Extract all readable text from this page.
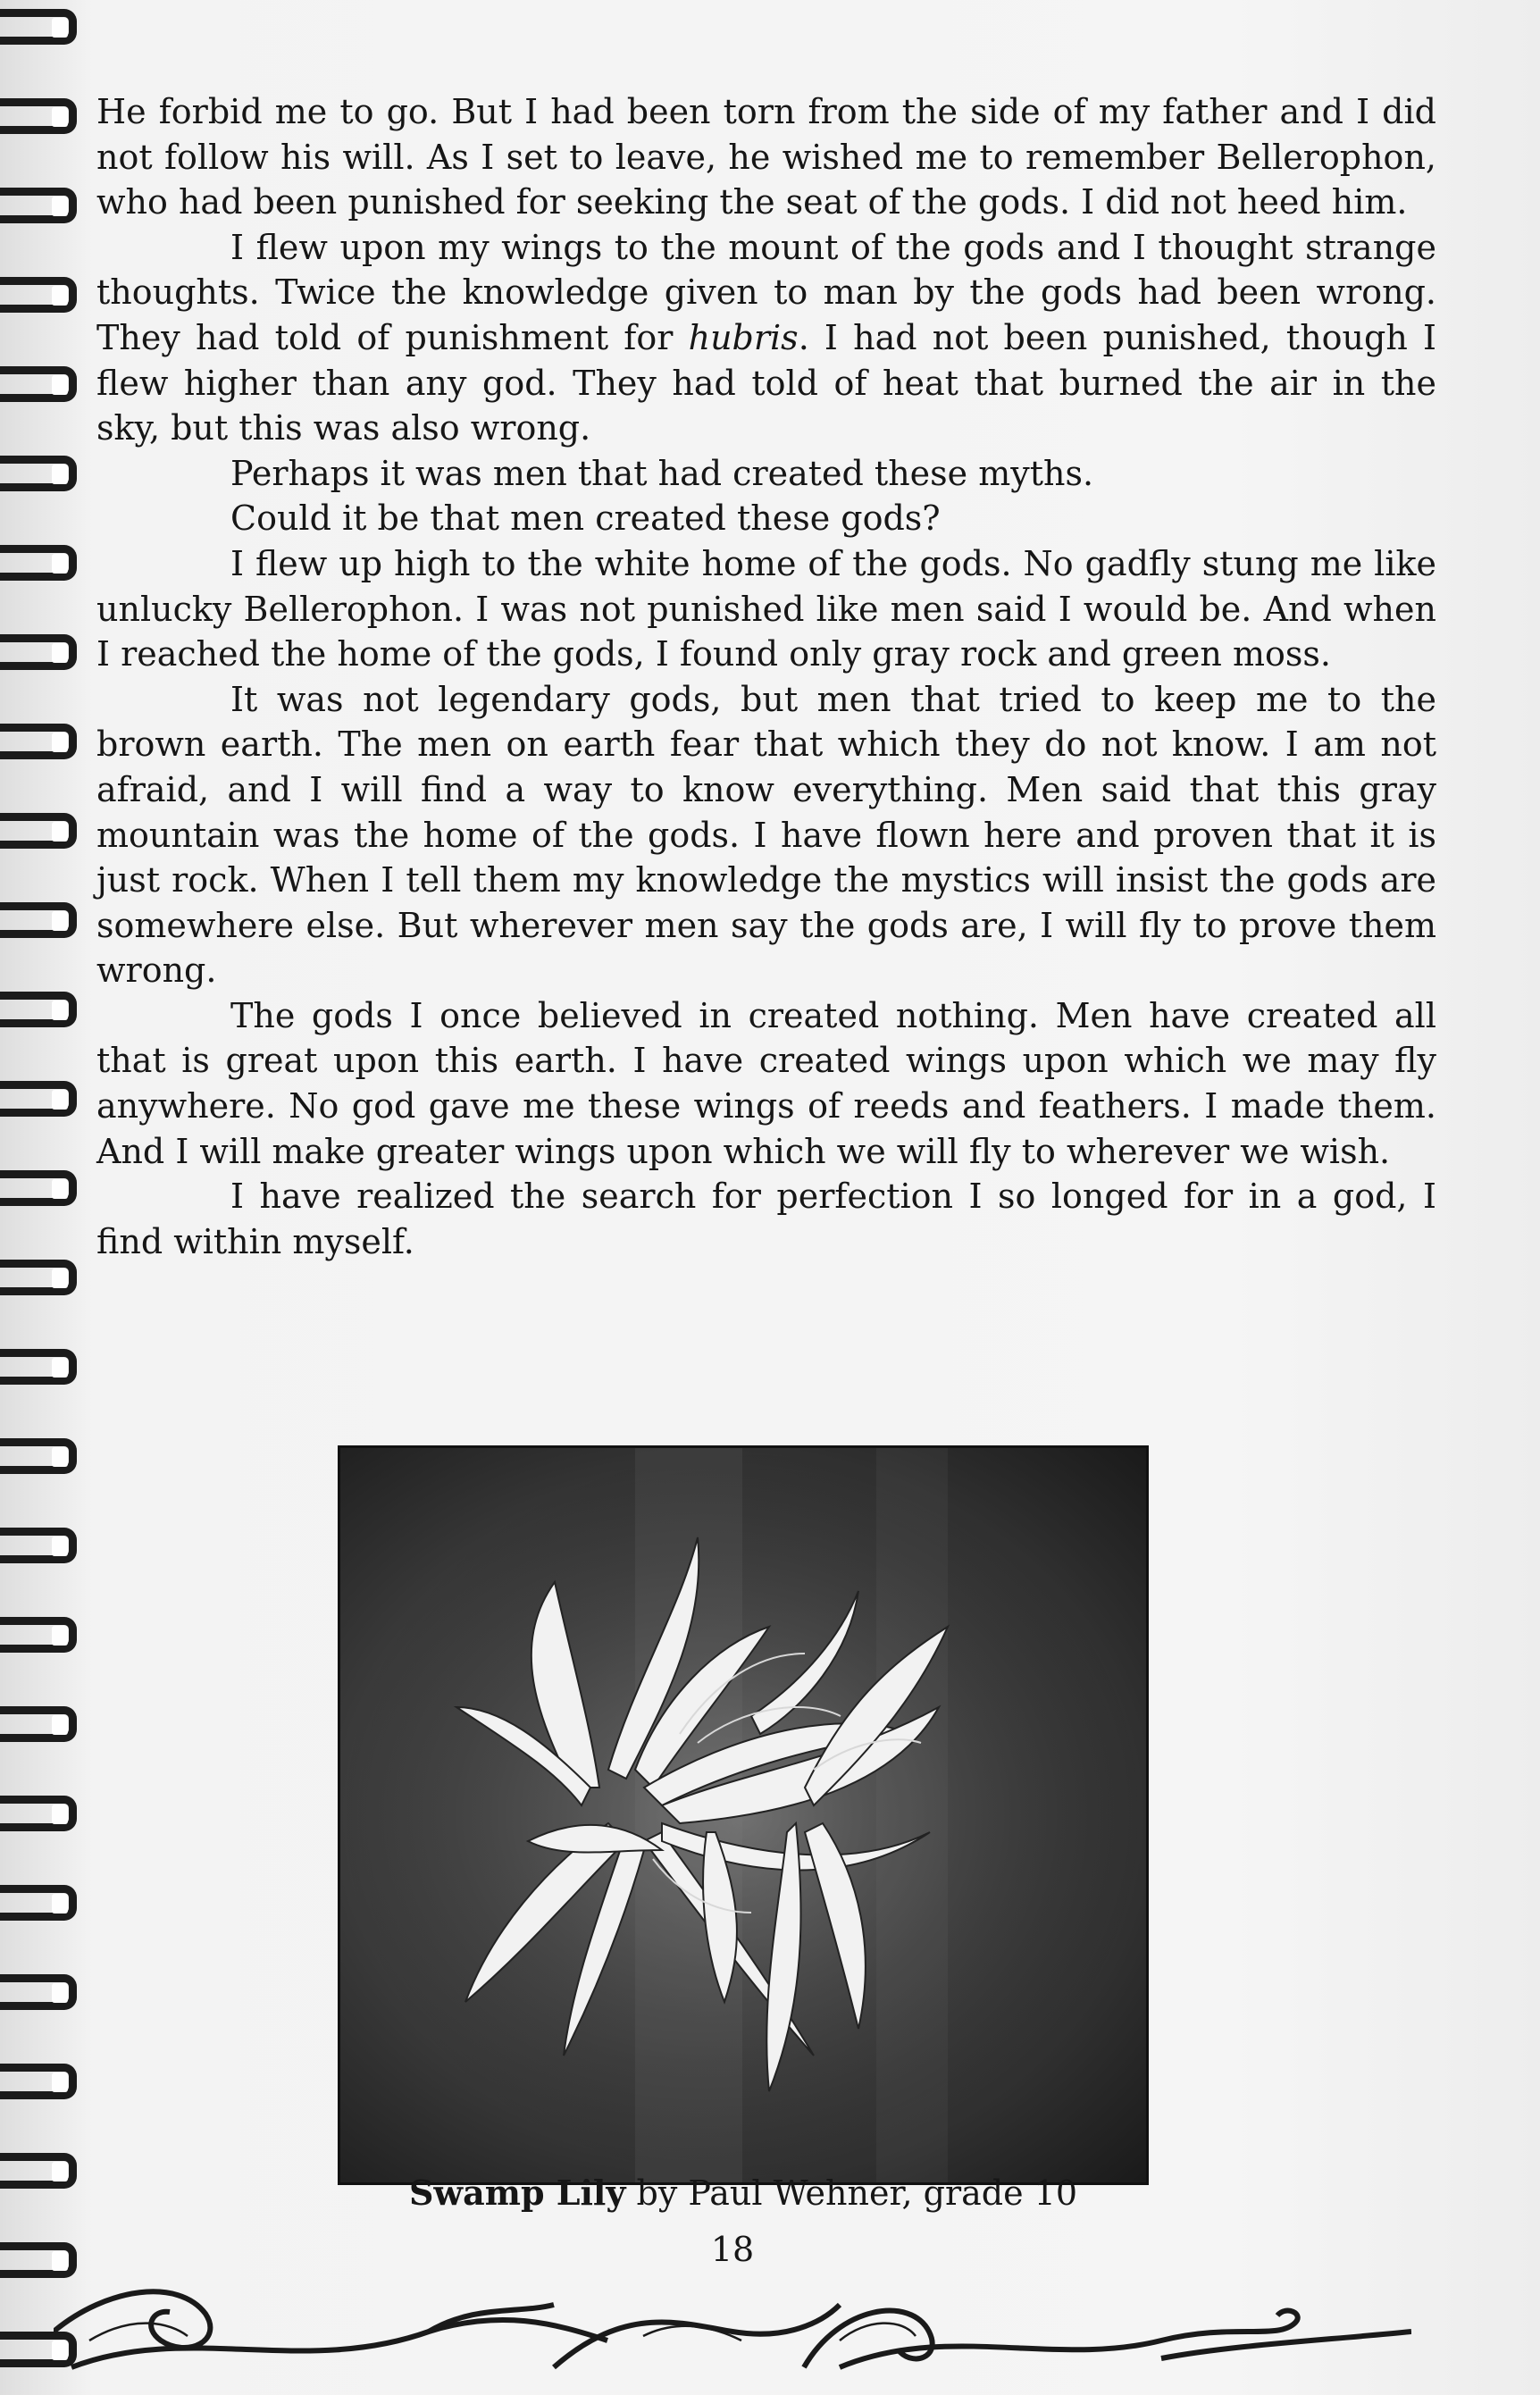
He forbid me to go. But I had been torn from the side of my father and I did not follow his will. As I set to leave, he wished me to remember Bellerophon, who had been punished for seeking the seat of the gods. I did not heed him.

I flew upon my wings to the mount of the gods and I thought strange thoughts. Twice the knowledge given to man by the gods had been wrong. They had told of punishment for hubris. I had not been punished, though I flew higher than any god. They had told of heat that burned the air in the sky, but this was also wrong.

Perhaps it was men that had created these myths.

Could it be that men created these gods?

I flew up high to the white home of the gods. No gadfly stung me like unlucky Bellerophon. I was not punished like men said I would be. And when I reached the home of the gods, I found only gray rock and green moss.

It was not legendary gods, but men that tried to keep me to the brown earth. The men on earth fear that which they do not know. I am not afraid, and I will find a way to know everything. Men said that this gray mountain was the home of the gods. I have flown here and proven that it is just rock. When I tell them my knowledge the mystics will insist the gods are somewhere else. But wherever men say the gods are, I will fly to prove them wrong.

The gods I once believed in created nothing. Men have created all that is great upon this earth. I have created wings upon which we may fly anywhere. No god gave me these wings of reeds and feathers. I made them. And I will make greater wings upon which we will fly to wherever we wish.

I have realized the search for perfection I so longed for in a god, I find within myself.

Swamp Lily by Paul Wehner, grade 10
18
